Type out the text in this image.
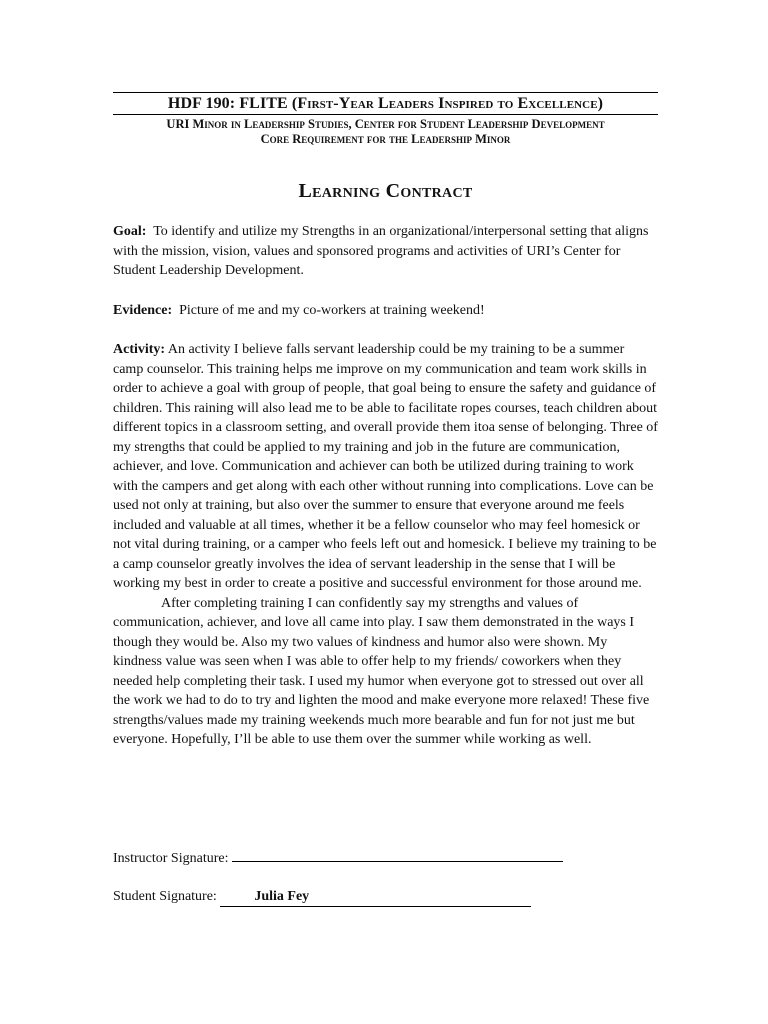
HDF 190: FLITE (First-Year Leaders Inspired to Excellence)
URI Minor in Leadership Studies, Center for Student Leadership Development
Core Requirement for the Leadership Minor
Learning Contract
Goal: To identify and utilize my Strengths in an organizational/interpersonal setting that aligns with the mission, vision, values and sponsored programs and activities of URI’s Center for Student Leadership Development.
Evidence: Picture of me and my co-workers at training weekend!
Activity: An activity I believe falls servant leadership could be my training to be a summer camp counselor. This training helps me improve on my communication and team work skills in order to achieve a goal with group of people, that goal being to ensure the safety and guidance of children. This raining will also lead me to be able to facilitate ropes courses, teach children about different topics in a classroom setting, and overall provide them itoa sense of belonging. Three of my strengths that could be applied to my training and job in the future are communication, achiever, and love. Communication and achiever can both be utilized during training to work with the campers and get along with each other without running into complications. Love can be used not only at training, but also over the summer to ensure that everyone around me feels included and valuable at all times, whether it be a fellow counselor who may feel homesick or not vital during training, or a camper who feels left out and homesick. I believe my training to be a camp counselor greatly involves the idea of servant leadership in the sense that I will be working my best in order to create a positive and successful environment for those around me.
After completing training I can confidently say my strengths and values of communication, achiever, and love all came into play. I saw them demonstrated in the ways I though they would be. Also my two values of kindness and humor also were shown. My kindness value was seen when I was able to offer help to my friends/ coworkers when they needed help completing their task. I used my humor when everyone got to stressed out over all the work we had to do to try and lighten the mood and make everyone more relaxed! These five strengths/values made my training weekends much more bearable and fun for not just me but everyone. Hopefully, I’ll be able to use them over the summer while working as well.
Instructor Signature:
Student Signature:	Julia Fey
